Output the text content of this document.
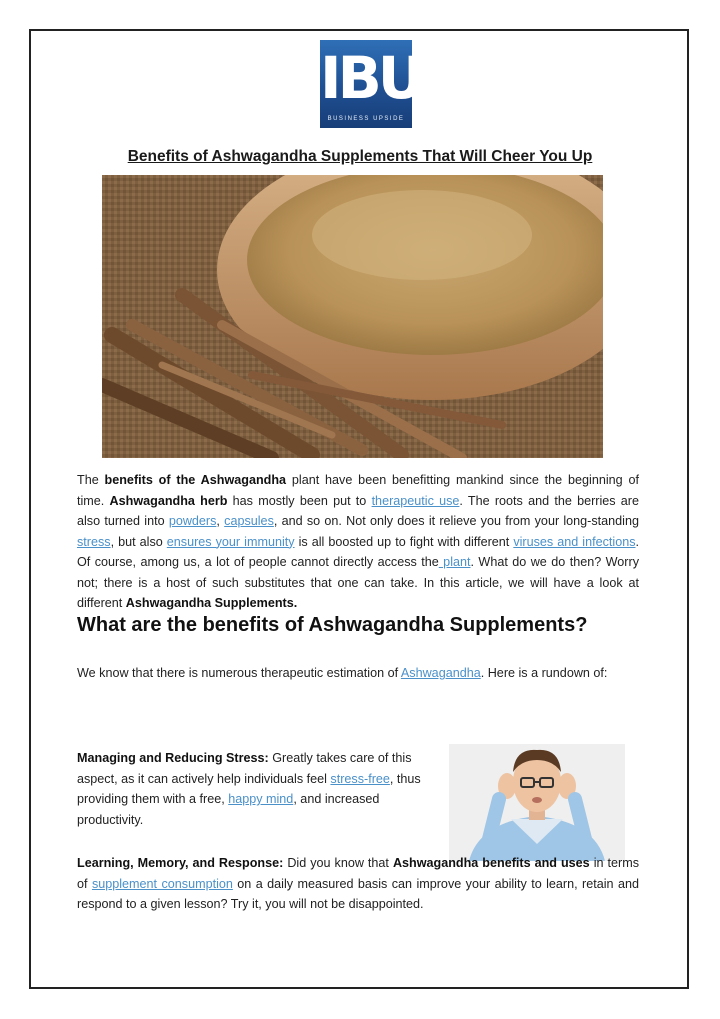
IBU
BUSINESS UPSIDE
Benefits of Ashwagandha Supplements That Will Cheer You Up

The benefits of the Ashwagandha plant have been benefitting mankind since the beginning of time. Ashwagandha herb has mostly been put to therapeutic use. The roots and the berries are also turned into powders, capsules, and so on. Not only does it relieve you from your long-standing stress, but also ensures your immunity is all boosted up to fight with different viruses and infections. Of course, among us, a lot of people cannot directly access the plant. What do we do then? Worry not; there is a host of such substitutes that one can take. In this article, we will have a look at different Ashwagandha Supplements.

What are the benefits of Ashwagandha Supplements?

We know that there is numerous therapeutic estimation of Ashwagandha. Here is a rundown of:

Managing and Reducing Stress: Greatly takes care of this aspect, as it can actively help individuals feel stress-free, thus providing them with a free, happy mind, and increased productivity.

Learning, Memory, and Response: Did you know that Ashwagandha benefits and uses in terms of supplement consumption on a daily measured basis can improve your ability to learn, retain and respond to a given lesson? Try it, you will not be disappointed.
